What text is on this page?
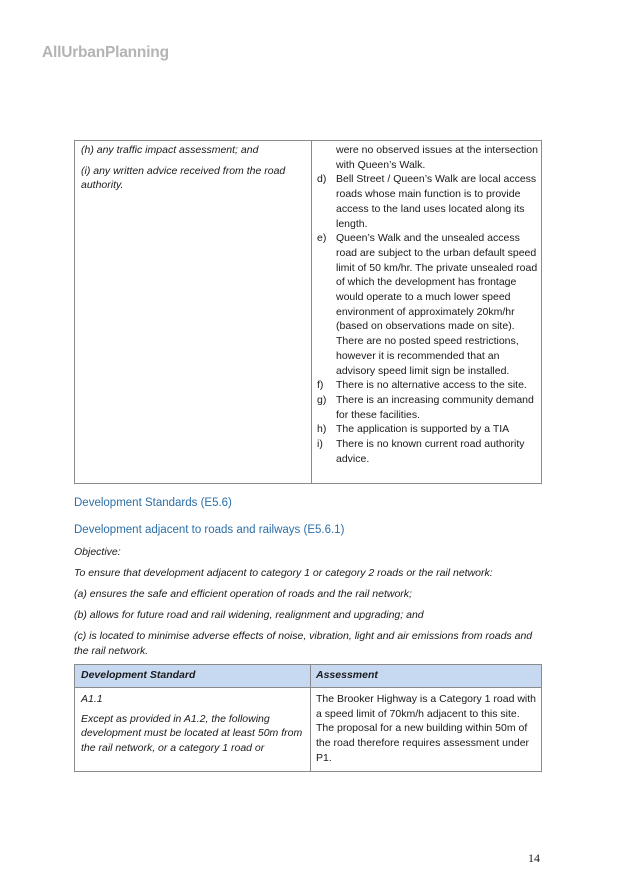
AllUrbanPlanning

(h) any traffic impact assessment; and

(i) any written advice received from the road authority.

were no observed issues at the intersection with Queen’s Walk.
d) Bell Street / Queen’s Walk are local access roads whose main function is to provide access to the land uses located along its length.
e) Queen’s Walk and the unsealed access road are subject to the urban default speed limit of 50 km/hr. The private unsealed road of which the development has frontage would operate to a much lower speed environment of approximately 20km/hr (based on observations made on site). There are no posted speed restrictions, however it is recommended that an advisory speed limit sign be installed.
f) There is no alternative access to the site.
g) There is an increasing community demand for these facilities.
h) The application is supported by a TIA
i) There is no known current road authority advice.
Development Standards (E5.6)
Development adjacent to roads and railways (E5.6.1)
Objective:
To ensure that development adjacent to category 1 or category 2 roads or the rail network:
(a) ensures the safe and efficient operation of roads and the rail network;
(b) allows for future road and rail widening, realignment and upgrading; and
(c) is located to minimise adverse effects of noise, vibration, light and air emissions from roads and the rail network.
Development Standard	Assessment

A1.1

Except as provided in A1.2, the following development must be located at least 50m from the rail network, or a category 1 road or

The Brooker Highway is a Category 1 road with a speed limit of 70km/h adjacent to this site. The proposal for a new building within 50m of the road therefore requires assessment under P1.
14
